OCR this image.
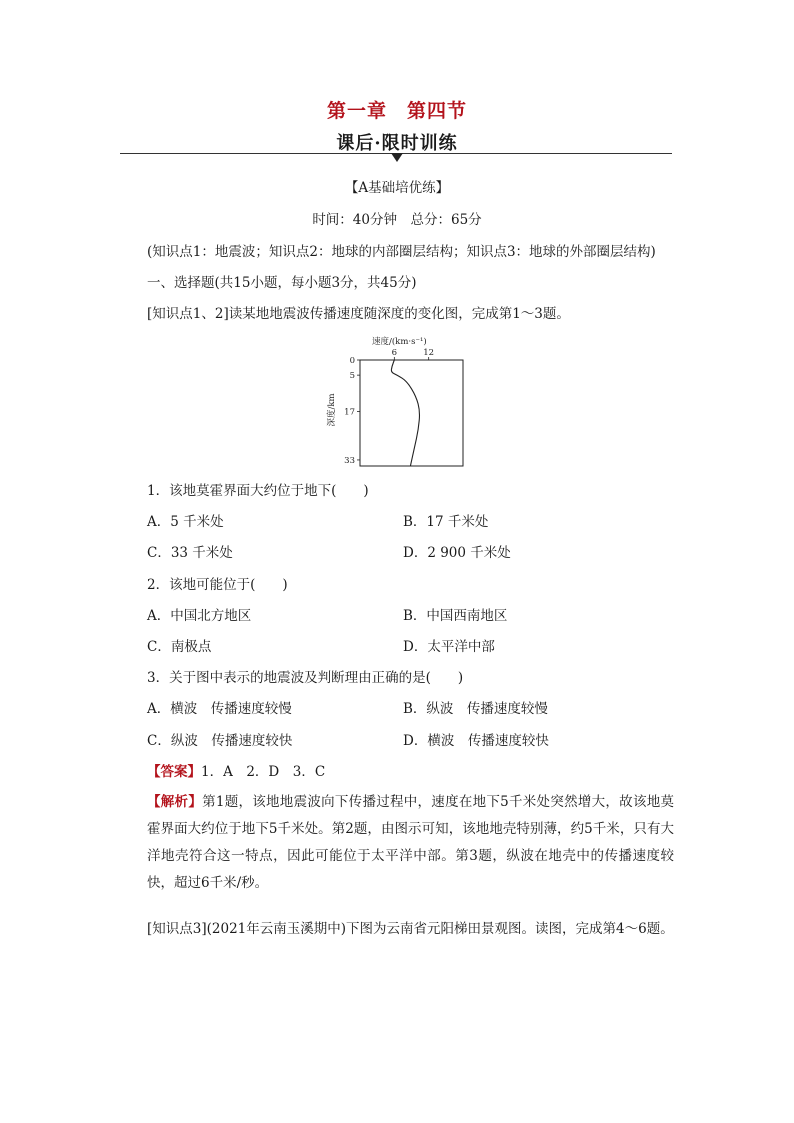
第一章　第四节
课后·限时训练
【A基础培优练】
时间：40分钟　总分：65分
(知识点1：地震波；知识点2：地球的内部圈层结构；知识点3：地球的外部圈层结构)
一、选择题(共15小题，每小题3分，共45分)
[知识点1、2]读某地地震波传播速度随深度的变化图，完成第1～3题。
速度/(km·s⁻¹)
深度/km
6	12
0
5
17
33
1．该地莫霍界面大约位于地下(　　)
A．5 千米处	B．17 千米处
C．33 千米处	D．2 900 千米处
2．该地可能位于(　　)
A．中国北方地区	B．中国西南地区
C．南极点	D．太平洋中部
3．关于图中表示的地震波及判断理由正确的是(　　)
A．横波　传播速度较慢	B．纵波　传播速度较慢
C．纵波　传播速度较快	D．横波　传播速度较快
【答案】1．A　2．D　3．C
【解析】第1题，该地地震波向下传播过程中，速度在地下5千米处突然增大，故该地莫霍界面大约位于地下5千米处。第2题，由图示可知，该地地壳特别薄，约5千米，只有大洋地壳符合这一特点，因此可能位于太平洋中部。第3题，纵波在地壳中的传播速度较快，超过6千米/秒。
[知识点3](2021年云南玉溪期中)下图为云南省元阳梯田景观图。读图，完成第4～6题。
